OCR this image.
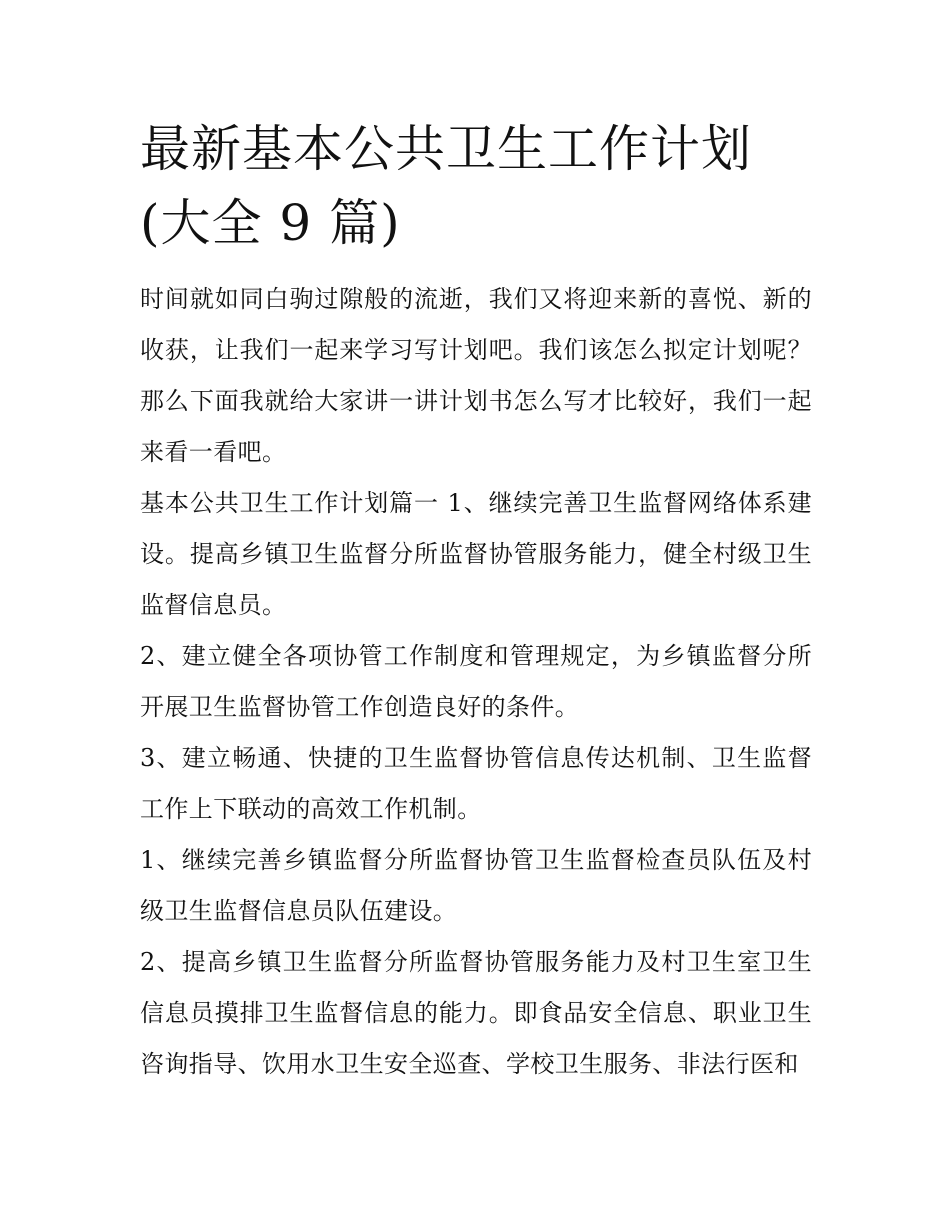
最新基本公共卫生工作计划(大全 9 篇)

时间就如同白驹过隙般的流逝，我们又将迎来新的喜悦、新的收获，让我们一起来学习写计划吧。我们该怎么拟定计划呢？那么下面我就给大家讲一讲计划书怎么写才比较好，我们一起来看一看吧。

基本公共卫生工作计划篇一 1、继续完善卫生监督网络体系建设。提高乡镇卫生监督分所监督协管服务能力，健全村级卫生监督信息员。

2、建立健全各项协管工作制度和管理规定，为乡镇监督分所开展卫生监督协管工作创造良好的条件。

3、建立畅通、快捷的卫生监督协管信息传达机制、卫生监督工作上下联动的高效工作机制。

1、继续完善乡镇监督分所监督协管卫生监督检查员队伍及村级卫生监督信息员队伍建设。

2、提高乡镇卫生监督分所监督协管服务能力及村卫生室卫生信息员摸排卫生监督信息的能力。即食品安全信息、职业卫生咨询指导、饮用水卫生安全巡查、学校卫生服务、非法行医和
